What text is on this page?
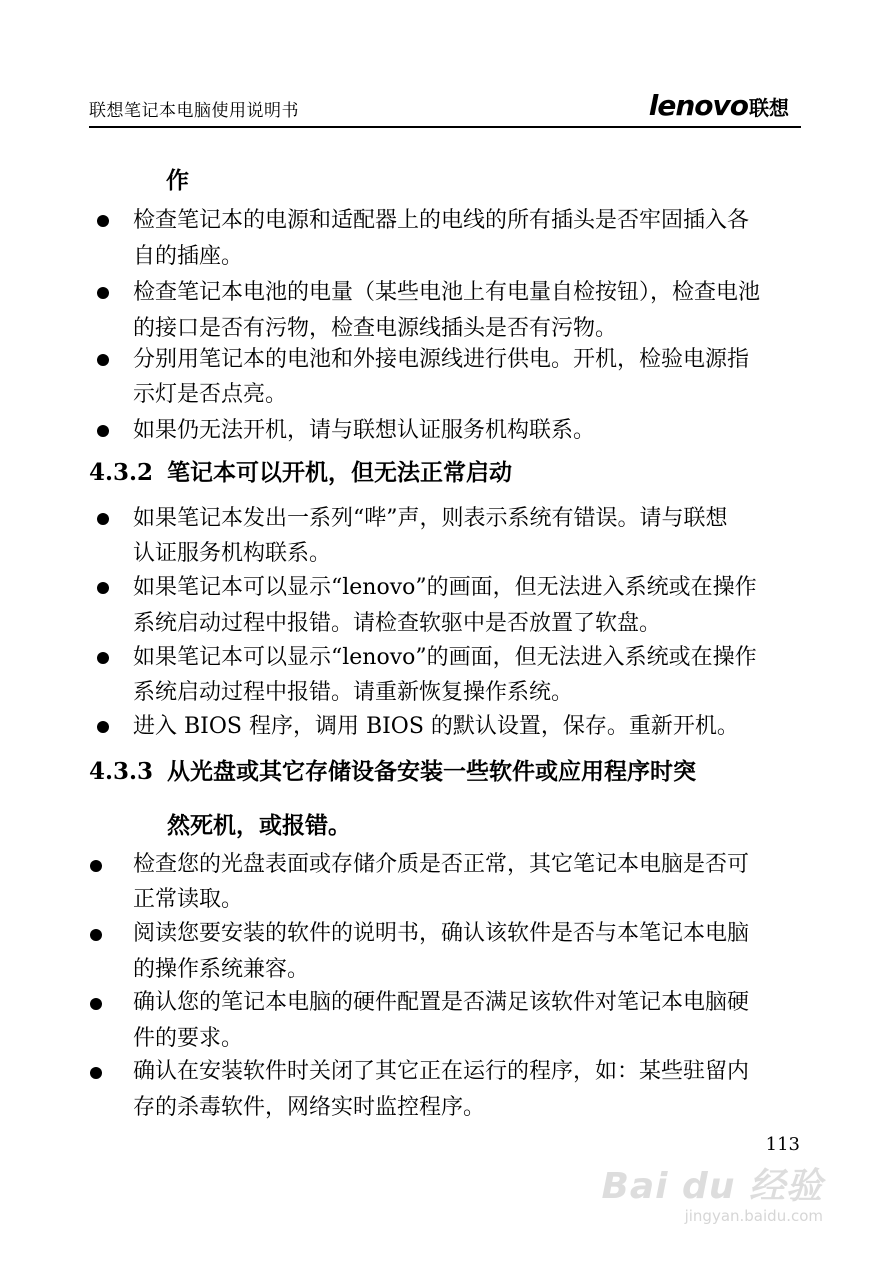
联想笔记本电脑使用说明书	lenovo联想
作
检查笔记本的电源和适配器上的电线的所有插头是否牢固插入各
自的插座。
检查笔记本电池的电量（某些电池上有电量自检按钮），检查电池
的接口是否有污物，检查电源线插头是否有污物。
分别用笔记本的电池和外接电源线进行供电。开机，检验电源指
示灯是否点亮。
如果仍无法开机，请与联想认证服务机构联系。
4.3.2 笔记本可以开机，但无法正常启动
如果笔记本发出一系列“哔”声，则表示系统有错误。请与联想
认证服务机构联系。
如果笔记本可以显示“lenovo”的画面，但无法进入系统或在操作
系统启动过程中报错。请检查软驱中是否放置了软盘。
如果笔记本可以显示“lenovo”的画面，但无法进入系统或在操作
系统启动过程中报错。请重新恢复操作系统。
进入 BIOS 程序，调用 BIOS 的默认设置，保存。重新开机。
4.3.3 从光盘或其它存储设备安装一些软件或应用程序时突
然死机，或报错。
检查您的光盘表面或存储介质是否正常，其它笔记本电脑是否可
正常读取。
阅读您要安装的软件的说明书，确认该软件是否与本笔记本电脑
的操作系统兼容。
确认您的笔记本电脑的硬件配置是否满足该软件对笔记本电脑硬
件的要求。
确认在安装软件时关闭了其它正在运行的程序，如：某些驻留内
存的杀毒软件，网络实时监控程序。
113
Bai du 经验
jingyan.baidu.com
